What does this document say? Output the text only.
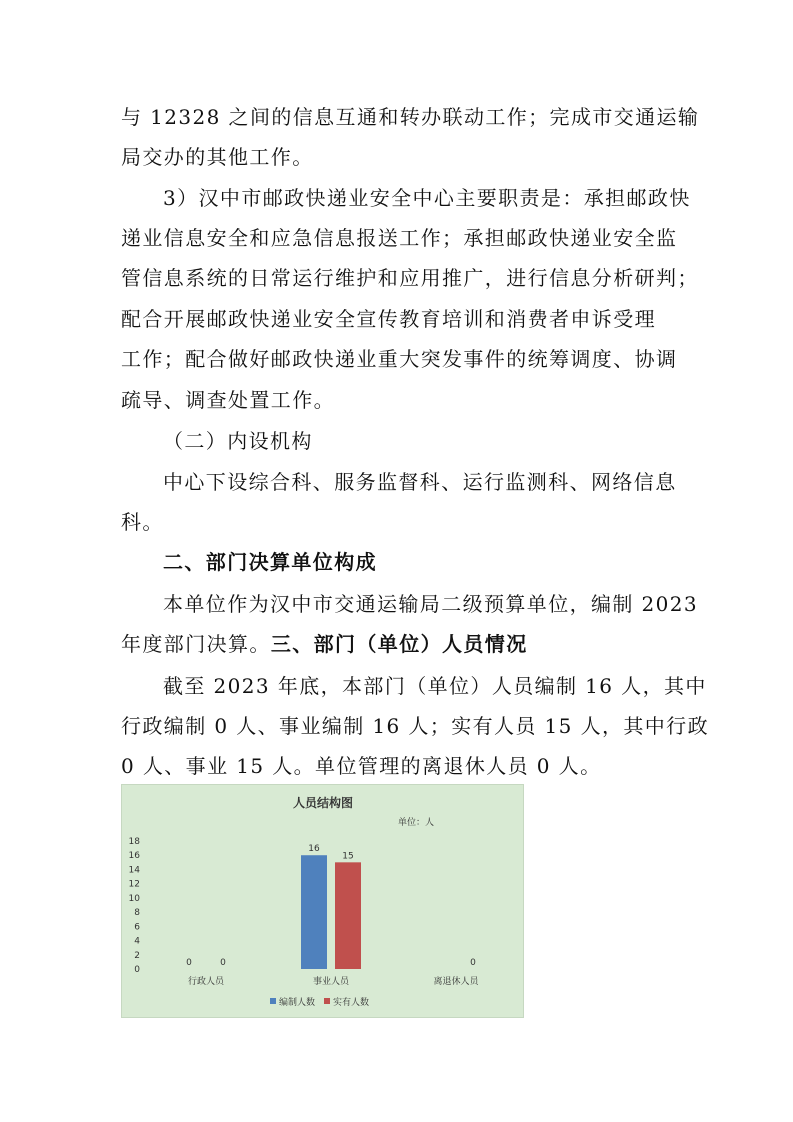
与 12328 之间的信息互通和转办联动工作；完成市交通运输
局交办的其他工作。
3）汉中市邮政快递业安全中心主要职责是：承担邮政快
递业信息安全和应急信息报送工作；承担邮政快递业安全监
管信息系统的日常运行维护和应用推广，进行信息分析研判；
配合开展邮政快递业安全宣传教育培训和消费者申诉受理
工作；配合做好邮政快递业重大突发事件的统筹调度、协调
疏导、调查处置工作。
（二）内设机构
中心下设综合科、服务监督科、运行监测科、网络信息
科。
二、部门决算单位构成
本单位作为汉中市交通运输局二级预算单位，编制 2023
年度部门决算。三、部门（单位）人员情况
截至 2023 年底，本部门（单位）人员编制 16 人，其中
行政编制 0 人、事业编制 16 人；实有人员 15 人，其中行政
0 人、事业 15 人。单位管理的离退休人员 0 人。
人员结构图
单位：人
0
2
4
6
8
10
12
14
16
18
0
16
0
15
0
行政人员	事业人员	离退休人员
编制人数 实有人数
